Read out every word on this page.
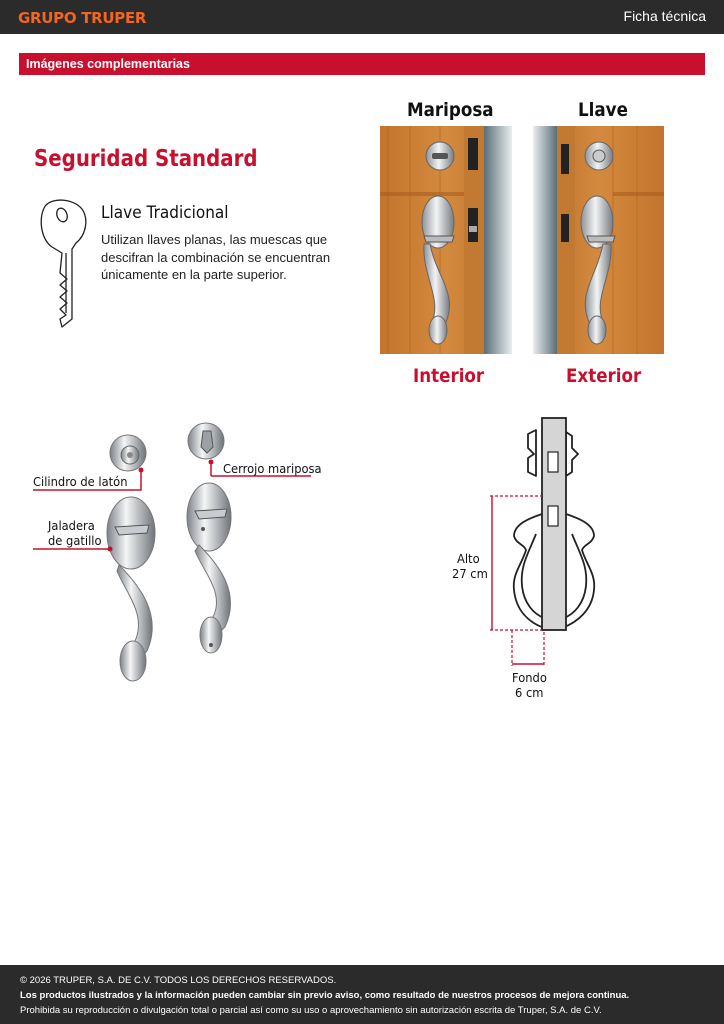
GRUPO TRUPER	Ficha técnica
Imágenes complementarias
Seguridad Standard
Llave Tradicional
Utilizan llaves planas, las muescas que descifran la combinación se encuentran únicamente en la parte superior.
Mariposa	Llave
Interior	Exterior
Cilindro de latón
Cerrojo mariposa
Jaladera
de gatillo
Alto
27 cm
Fondo
6 cm
© 2026 TRUPER, S.A. DE C.V. TODOS LOS DERECHOS RESERVADOS.
Los productos ilustrados y la información pueden cambiar sin previo aviso, como resultado de nuestros procesos de mejora continua.
Prohibida su reproducción o divulgación total o parcial así como su uso o aprovechamiento sin autorización escrita de Truper, S.A. de C.V.
